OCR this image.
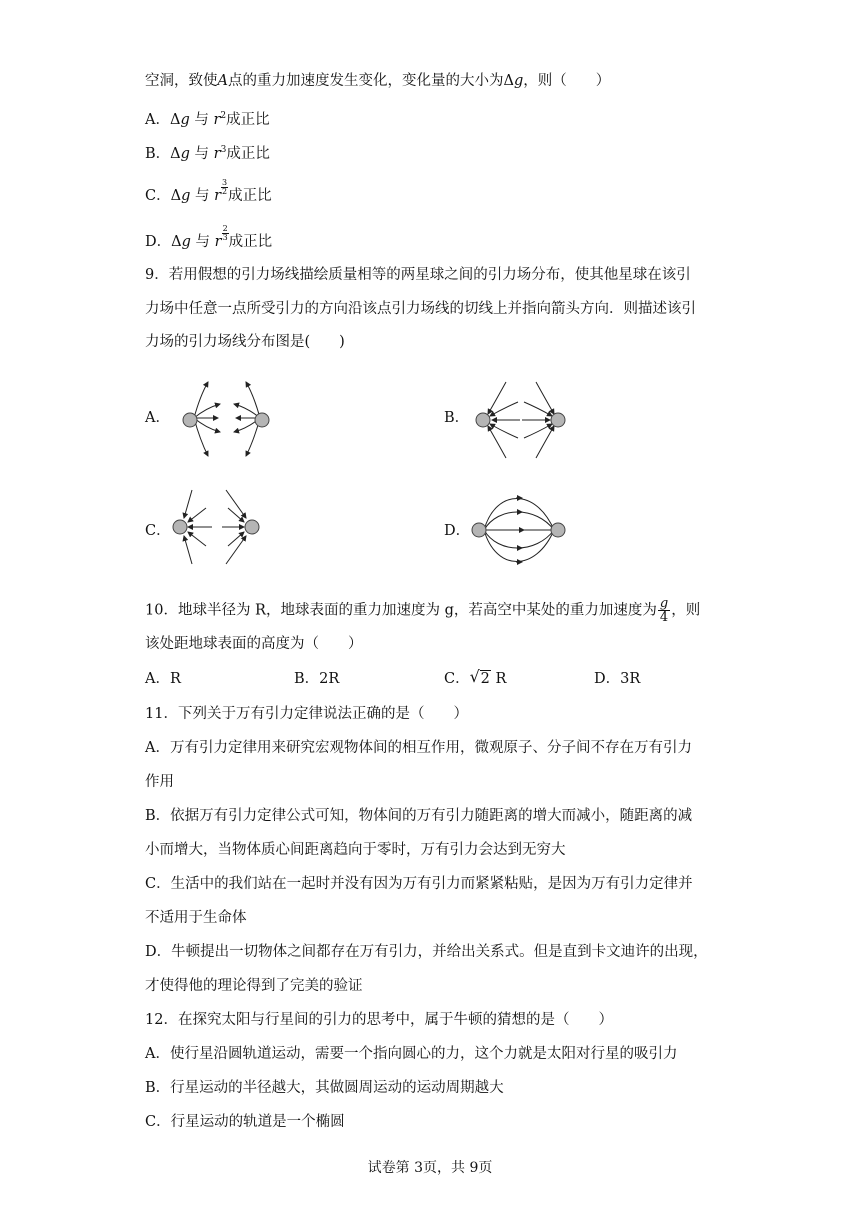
空洞，致使A点的重力加速度发生变化，变化量的大小为Δg，则（　　）
A．Δg 与 $r^2$成正比
B．Δg 与 $r^3$成正比
C．Δg 与 r $\frac{3}{2}$ 成正比
D．Δg 与 r $\frac{2}{3}$ 成正比
9．若用假想的引力场线描绘质量相等的两星球之间的引力场分布，使其他星球在该引
力场中任意一点所受引力的方向沿该点引力场线的切线上并指向箭头方向．则描述该引
力场的引力场线分布图是(　　)
A．	B．
C．	D．
10．地球半径为 R，地球表面的重力加速度为 g，若高空中某处的重力加速度为 $\frac{g}{4}$ ，则
该处距地球表面的高度为（　　）
A．R	B．2R	C． √ 2 R	D．3R
11．下列关于万有引力定律说法正确的是（　　）
A．万有引力定律用来研究宏观物体间的相互作用，微观原子、分子间不存在万有引力
作用
B．依据万有引力定律公式可知，物体间的万有引力随距离的增大而减小，随距离的减
小而增大，当物体质心间距离趋向于零时，万有引力会达到无穷大
C．生活中的我们站在一起时并没有因为万有引力而紧紧粘贴，是因为万有引力定律并
不适用于生命体
D．牛顿提出一切物体之间都存在万有引力，并给出关系式。但是直到卡文迪许的出现，
才使得他的理论得到了完美的验证
12．在探究太阳与行星间的引力的思考中，属于牛顿的猜想的是（　　）
A．使行星沿圆轨道运动，需要一个指向圆心的力，这个力就是太阳对行星的吸引力
B．行星运动的半径越大，其做圆周运动的运动周期越大
C．行星运动的轨道是一个椭圆
试卷第 3页，共 9页
